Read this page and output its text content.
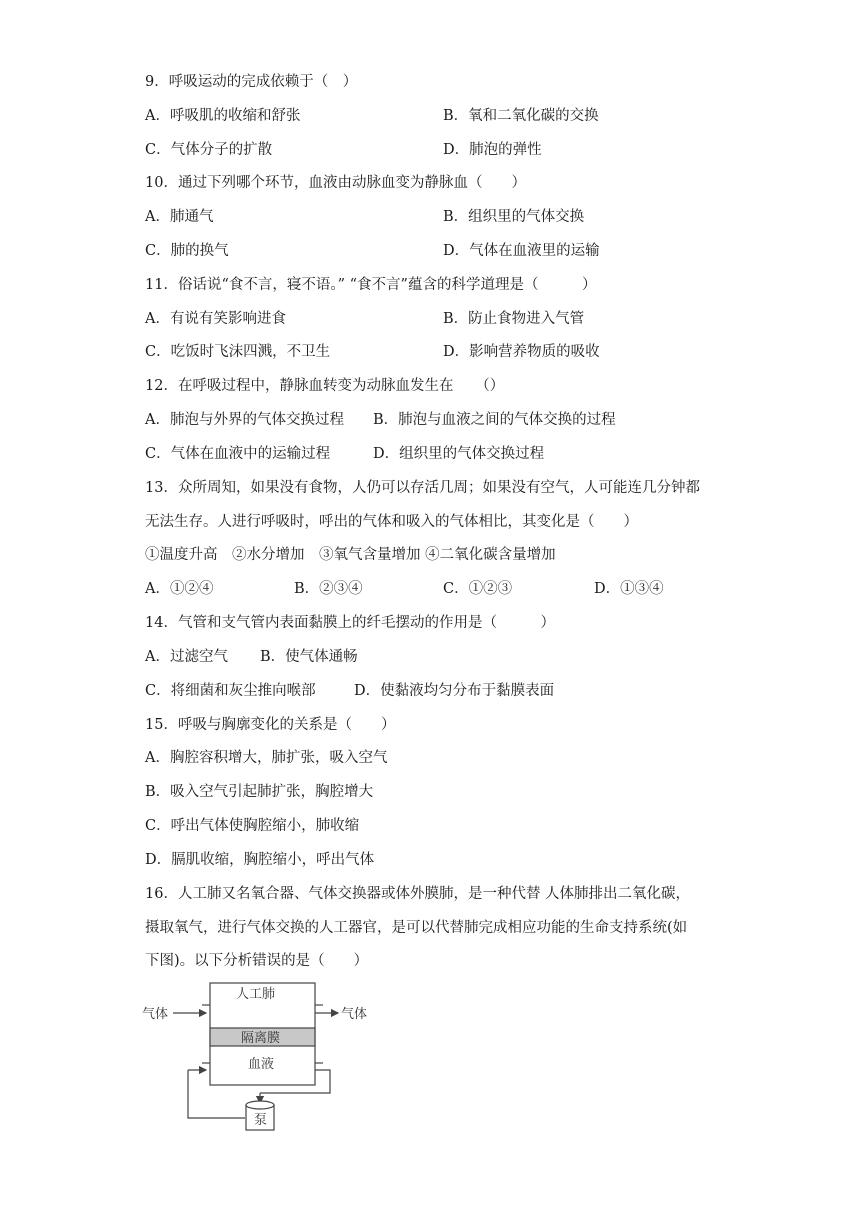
9．呼吸运动的完成依赖于（　）
A．呼吸肌的收缩和舒张	B．氧和二氧化碳的交换
C．气体分子的扩散	D．肺泡的弹性
10．通过下列哪个环节，血液由动脉血变为静脉血（　　）
A．肺通气	B．组织里的气体交换
C．肺的换气	D．气体在血液里的运输
11．俗话说“食不言，寝不语。” “食不言”蕴含的科学道理是（　　　）
A．有说有笑影响进食	B．防止食物进入气管
C．吃饭时飞沫四溅，不卫生	D．影响营养物质的吸收
12．在呼吸过程中，静脉血转变为动脉血发生在　　（）
A．肺泡与外界的气体交换过程 B．肺泡与血液之间的气体交换的过程
C．气体在血液中的运输过程	D．组织里的气体交换过程
13．众所周知，如果没有食物，人仍可以存活几周；如果没有空气，人可能连几分钟都
无法生存。人进行呼吸时，呼出的气体和吸入的气体相比，其变化是（　　）
①温度升高　②水分增加　③氧气含量增加 ④二氧化碳含量增加
A．①②④	B．②③④	C．①②③	D．①③④
14．气管和支气管内表面黏膜上的纤毛摆动的作用是（　　　）
A．过滤空气 B．使气体通畅
C．将细菌和灰尘推向喉部	D．使黏液均匀分布于黏膜表面
15．呼吸与胸廓变化的关系是（　　）
A．胸腔容积增大，肺扩张，吸入空气
B．吸入空气引起肺扩张，胸腔增大
C．呼出气体使胸腔缩小，肺收缩
D．膈肌收缩，胸腔缩小，呼出气体
16．人工肺又名氧合器、气体交换器或体外膜肺，是一种代替 人体肺排出二氧化碳，
摄取氧气，进行气体交换的人工器官，是可以代替肺完成相应功能的生命支持系统(如
下图)。以下分析错误的是（　　）
人工肺
气体	气体
隔离膜
血液
泵
